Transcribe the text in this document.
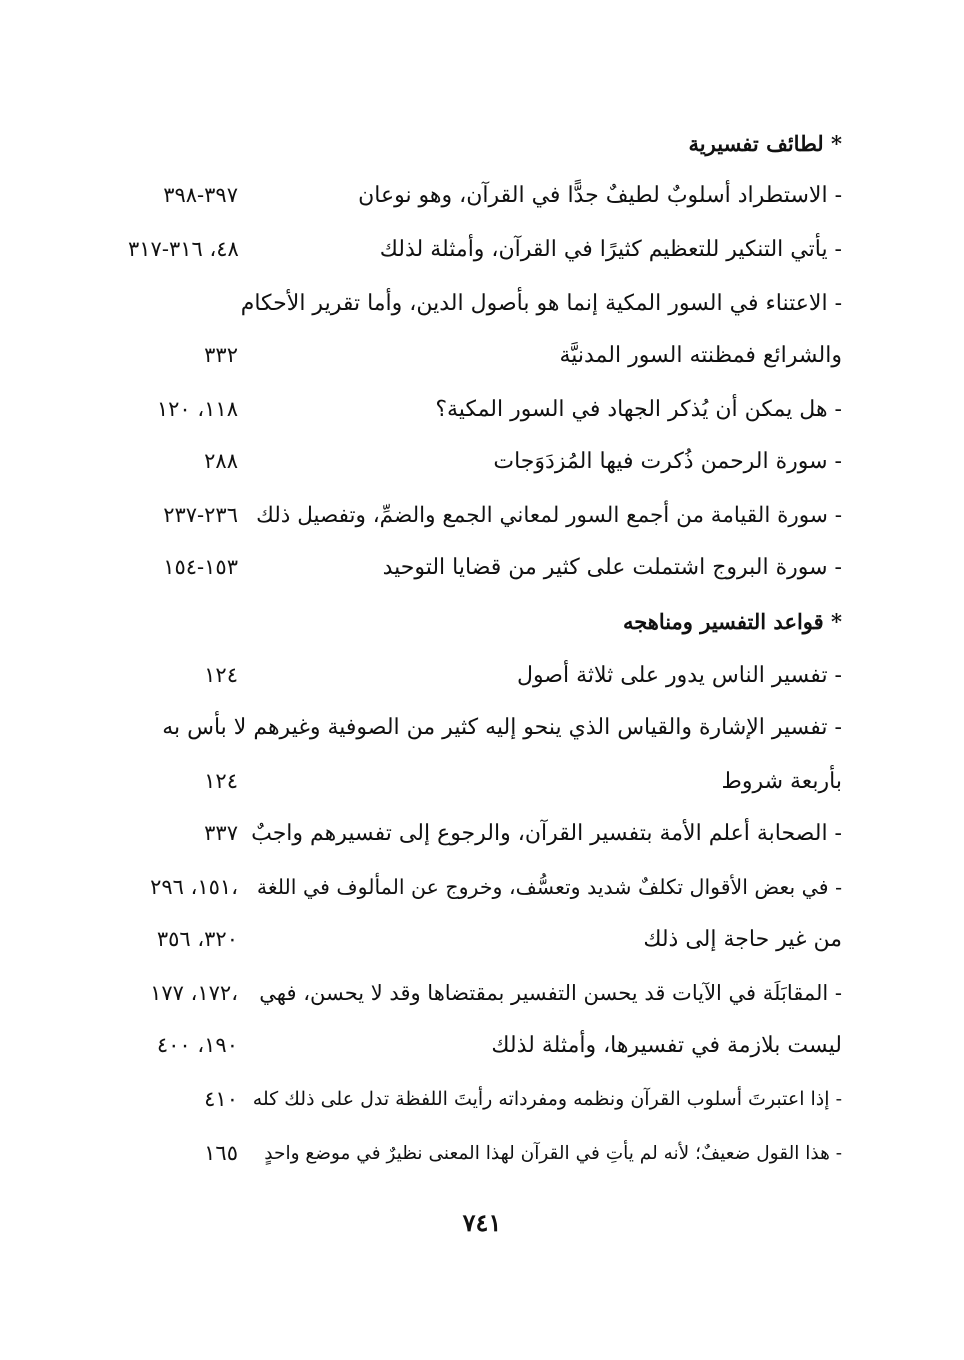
* لطائف تفسيرية
- الاستطراد أسلوبٌ لطيفٌ جدًّا في القرآن، وهو نوعان
٣٩٧-٣٩٨
- يأتي التنكير للتعظيم كثيرًا في القرآن، وأمثلة لذلك
٤٨، ٣١٦-٣١٧
- الاعتناء في السور المكية إنما هو بأصول الدين، وأما تقرير الأحكام
والشرائع فمظنته السور المدنيَّة
٣٣٢
- هل يمكن أن يُذكر الجهاد في السور المكية؟
١١٨، ١٢٠
- سورة الرحمن ذُكرت فيها المُزدَوَجات
٢٨٨
- سورة القيامة من أجمع السور لمعاني الجمع والضمِّ، وتفصيل ذلك
٢٣٦-٢٣٧
- سورة البروج اشتملت على كثير من قضايا التوحيد
١٥٣-١٥٤
* قواعد التفسير ومناهجه
- تفسير الناس يدور على ثلاثة أصول
١٢٤
- تفسير الإشارة والقياس الذي ينحو إليه كثير من الصوفية وغيرهم لا بأس به
بأربعة شروط
١٢٤
- الصحابة أعلم الأمة بتفسير القرآن، والرجوع إلى تفسيرهم واجبٌ
٣٣٧
- في بعض الأقوال تكلفٌ شديد وتعسُّف، وخروج عن المألوف في اللغة
١٥١، ٢٩٦،
من غير حاجة إلى ذلك
٣٢٠، ٣٥٦
- المقابَلَة في الآيات قد يحسن التفسير بمقتضاها وقد لا يحسن، فهي
١٧٢، ١٧٧،
ليست بلازمة في تفسيرها، وأمثلة لذلك
١٩٠، ٤٠٠
- إذا اعتبرتَ أسلوب القرآن ونظمه ومفرداته رأيتَ اللفظة تدل على ذلك كله
٤١٠
- هذا القول ضعيفٌ؛ لأنه لم يأتِ في القرآن لهذا المعنى نظيرٌ في موضع واحدٍ
١٦٥
٧٤١
